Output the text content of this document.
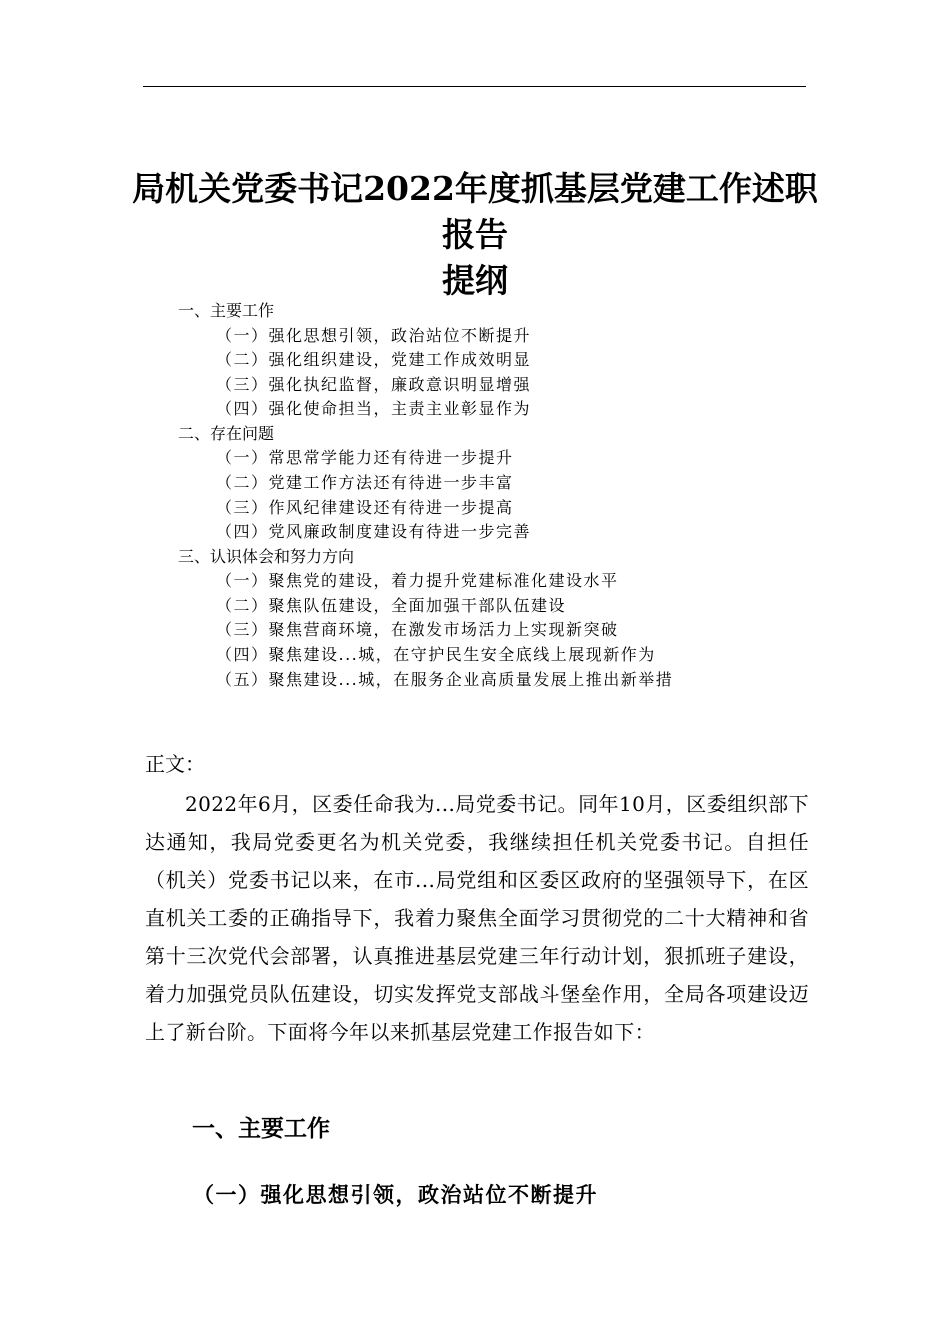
局机关党委书记2022年度抓基层党建工作述职
报告
提纲
一、主要工作
（一）强化思想引领，政治站位不断提升
（二）强化组织建设，党建工作成效明显
（三）强化执纪监督，廉政意识明显增强
（四）强化使命担当，主责主业彰显作为
二、存在问题
（一）常思常学能力还有待进一步提升
（二）党建工作方法还有待进一步丰富
（三）作风纪律建设还有待进一步提高
（四）党风廉政制度建设有待进一步完善
三、认识体会和努力方向
（一）聚焦党的建设，着力提升党建标准化建设水平
（二）聚焦队伍建设，全面加强干部队伍建设
（三）聚焦营商环境，在激发市场活力上实现新突破
（四）聚焦建设...城，在守护民生安全底线上展现新作为
（五）聚焦建设...城，在服务企业高质量发展上推出新举措
正文：
2022年6月，区委任命我为...局党委书记。同年10月，区委组织部下达通知，我局党委更名为机关党委，我继续担任机关党委书记。自担任（机关）党委书记以来，在市...局党组和区委区政府的坚强领导下，在区直机关工委的正确指导下，我着力聚焦全面学习贯彻党的二十大精神和省第十三次党代会部署，认真推进基层党建三年行动计划，狠抓班子建设，着力加强党员队伍建设，切实发挥党支部战斗堡垒作用，全局各项建设迈上了新台阶。下面将今年以来抓基层党建工作报告如下：
一、主要工作
（一）强化思想引领，政治站位不断提升
